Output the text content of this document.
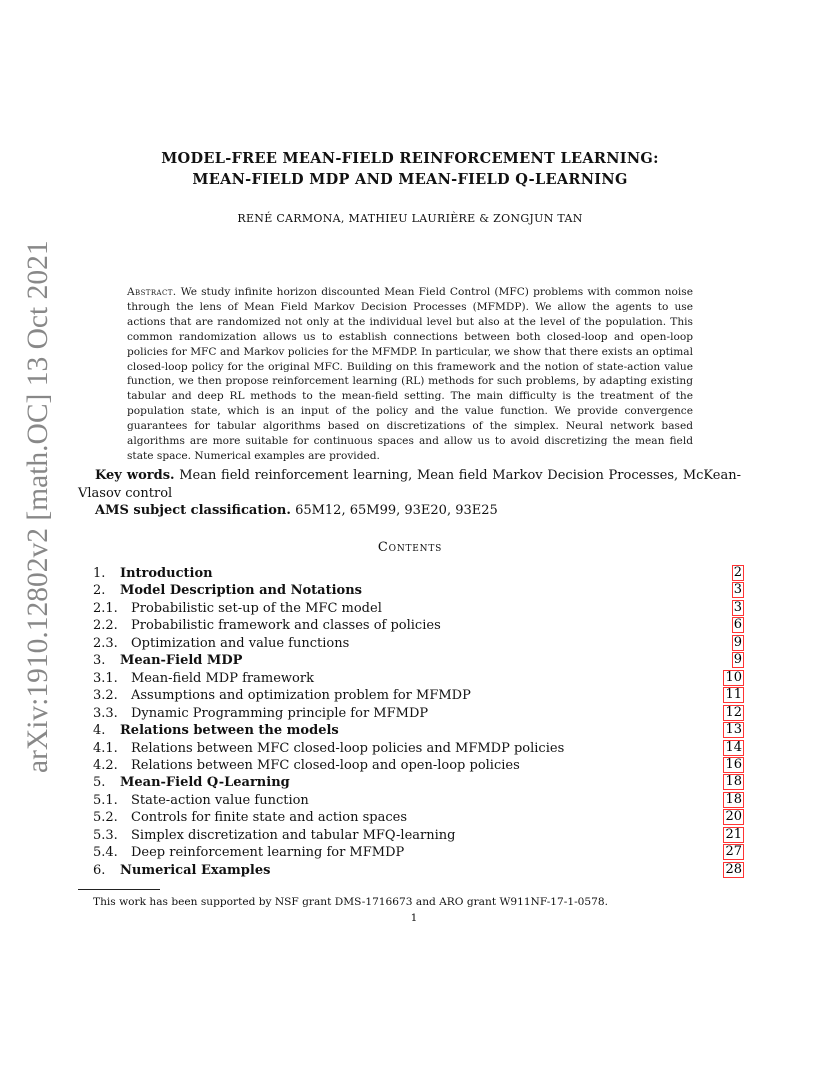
arXiv:1910.12802v2 [math.OC] 13 Oct 2021
MODEL-FREE MEAN-FIELD REINFORCEMENT LEARNING:
MEAN-FIELD MDP AND MEAN-FIELD Q-LEARNING
RENÉ CARMONA, MATHIEU LAURIÈRE & ZONGJUN TAN
Abstract. We study infinite horizon discounted Mean Field Control (MFC) problems with common noise through the lens of Mean Field Markov Decision Processes (MFMDP). We allow the agents to use actions that are randomized not only at the individual level but also at the level of the population. This common randomization allows us to establish connections between both closed-loop and open-loop policies for MFC and Markov policies for the MFMDP. In particular, we show that there exists an optimal closed-loop policy for the original MFC. Building on this framework and the notion of state-action value function, we then propose reinforcement learning (RL) methods for such problems, by adapting existing tabular and deep RL methods to the mean-field setting. The main difficulty is the treatment of the population state, which is an input of the policy and the value function. We provide convergence guarantees for tabular algorithms based on discretizations of the simplex. Neural network based algorithms are more suitable for continuous spaces and allow us to avoid discretizing the mean field state space. Numerical examples are provided.
Key words. Mean field reinforcement learning, Mean field Markov Decision Processes, McKean-Vlasov control
AMS subject classification. 65M12, 65M99, 93E20, 93E25
Contents
1. Introduction	2
2. Model Description and Notations	3
2.1. Probabilistic set-up of the MFC model	3
2.2. Probabilistic framework and classes of policies	6
2.3. Optimization and value functions	9
3. Mean-Field MDP	9
3.1. Mean-field MDP framework	10
3.2. Assumptions and optimization problem for MFMDP	11
3.3. Dynamic Programming principle for MFMDP	12
4. Relations between the models	13
4.1. Relations between MFC closed-loop policies and MFMDP policies	14
4.2. Relations between MFC closed-loop and open-loop policies	16
5. Mean-Field Q-Learning	18
5.1. State-action value function	18
5.2. Controls for finite state and action spaces	20
5.3. Simplex discretization and tabular MFQ-learning	21
5.4. Deep reinforcement learning for MFMDP	27
6. Numerical Examples	28
This work has been supported by NSF grant DMS-1716673 and ARO grant W911NF-17-1-0578.
1
